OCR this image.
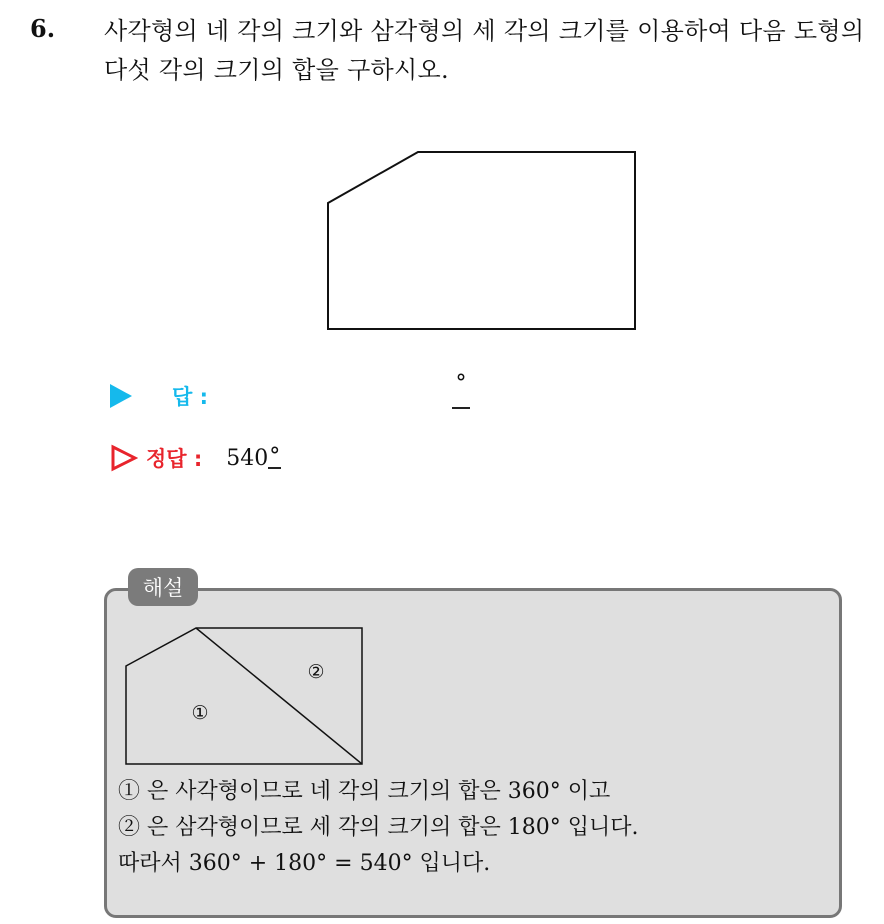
6. 사각형의 네 각의 크기와 삼각형의 세 각의 크기를 이용하여 다음 도형의 다섯 각의 크기의 합을 구하시오.
답 :
°
정답 : 540 °
해설
①
②
① 은 사각형이므로 네 각의 크기의 합은 360° 이고
② 은 삼각형이므로 세 각의 크기의 합은 180° 입니다.
따라서 360° + 180° = 540° 입니다.
